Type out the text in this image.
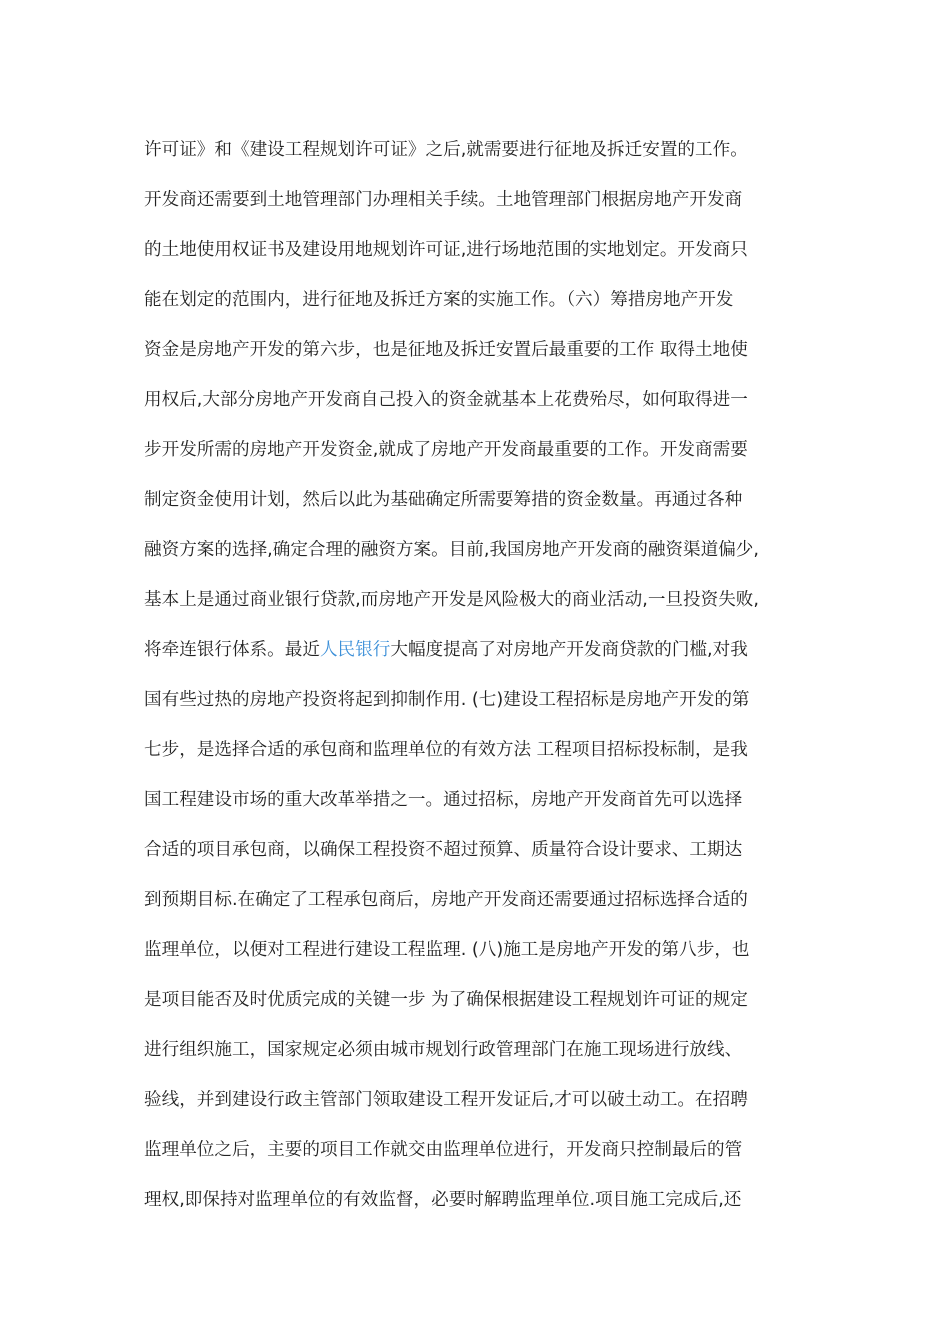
许可证》和《建设工程规划许可证》之后,就需要进行征地及拆迁安置的工作。
开发商还需要到土地管理部门办理相关手续。土地管理部门根据房地产开发商
的土地使用权证书及建设用地规划许可证,进行场地范围的实地划定。开发商只
能在划定的范围内，进行征地及拆迁方案的实施工作。（六）筹措房地产开发
资金是房地产开发的第六步，也是征地及拆迁安置后最重要的工作 取得土地使
用权后,大部分房地产开发商自己投入的资金就基本上花费殆尽，如何取得进一
步开发所需的房地产开发资金,就成了房地产开发商最重要的工作。开发商需要
制定资金使用计划，然后以此为基础确定所需要筹措的资金数量。再通过各种
融资方案的选择,确定合理的融资方案。目前,我国房地产开发商的融资渠道偏少,
基本上是通过商业银行贷款,而房地产开发是风险极大的商业活动,一旦投资失败,
将牵连银行体系。最近人民银行大幅度提高了对房地产开发商贷款的门槛,对我
国有些过热的房地产投资将起到抑制作用. (七)建设工程招标是房地产开发的第
七步，是选择合适的承包商和监理单位的有效方法 工程项目招标投标制，是我
国工程建设市场的重大改革举措之一。通过招标，房地产开发商首先可以选择
合适的项目承包商，以确保工程投资不超过预算、质量符合设计要求、工期达
到预期目标.在确定了工程承包商后，房地产开发商还需要通过招标选择合适的
监理单位，以便对工程进行建设工程监理. (八)施工是房地产开发的第八步，也
是项目能否及时优质完成的关键一步 为了确保根据建设工程规划许可证的规定
进行组织施工，国家规定必须由城市规划行政管理部门在施工现场进行放线、
验线，并到建设行政主管部门领取建设工程开发证后,才可以破土动工。在招聘
监理单位之后，主要的项目工作就交由监理单位进行，开发商只控制最后的管
理权,即保持对监理单位的有效监督，必要时解聘监理单位.项目施工完成后,还
